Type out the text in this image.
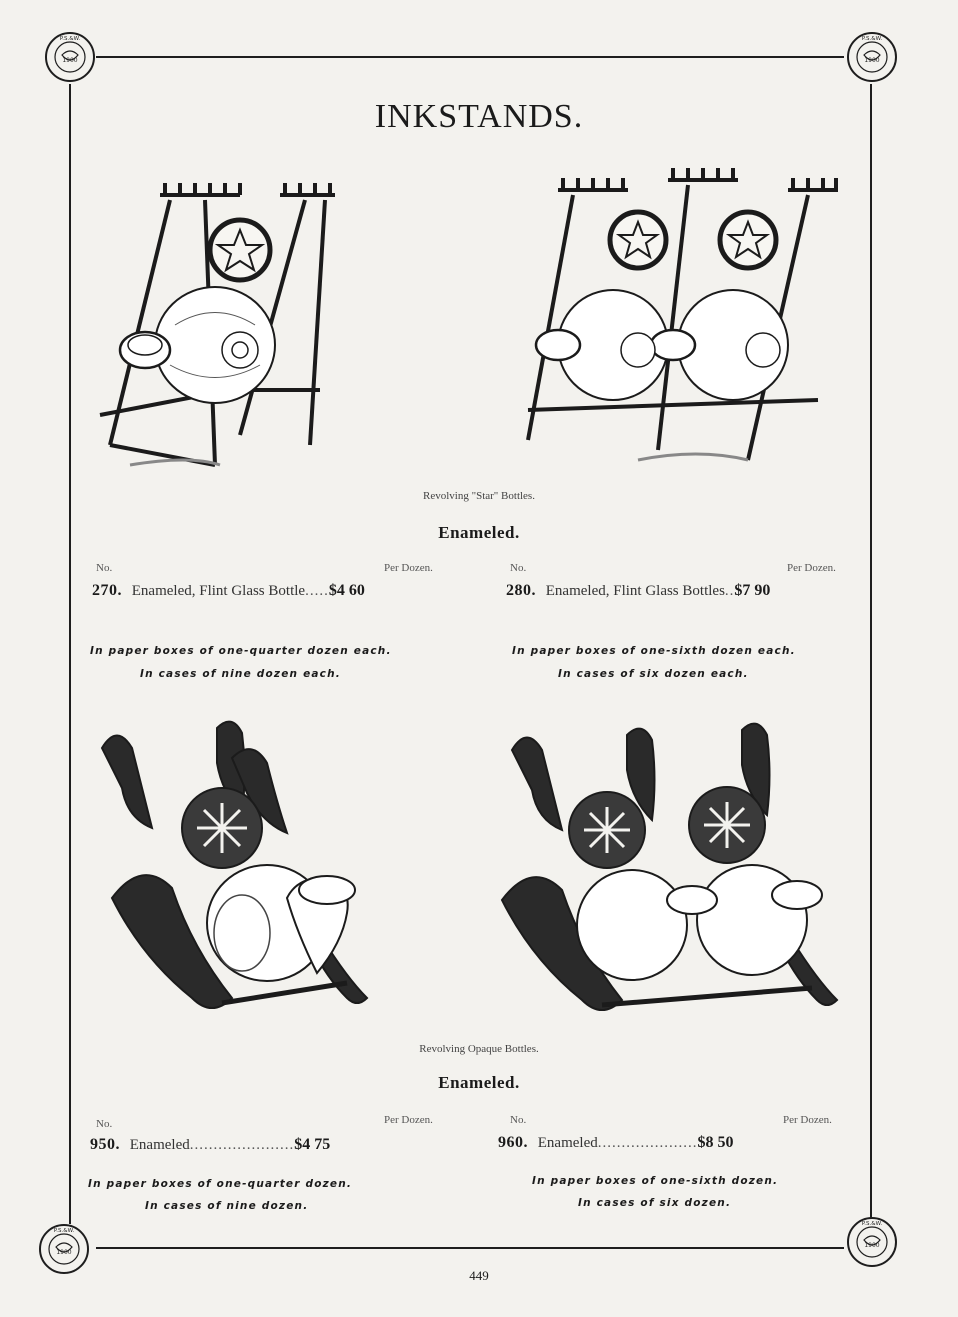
1900
P.S.&W.
1900
P.S.&W.
1900
P.S.&W.
1900
P.S.&W.
INKSTANDS.
Revolving "Star" Bottles.
Enameled.
No.	Per Dozen.
270. Enameled, Flint Glass Bottle.....$4 60
In paper boxes of one-quarter dozen each.
In cases of nine dozen each.
No.	Per Dozen.
280. Enameled, Flint Glass Bottles..$7 90
In paper boxes of one-sixth dozen each.
In cases of six dozen each.
Revolving Opaque Bottles.
Enameled.
No.	Per Dozen.
950. Enameled......................$4 75
In paper boxes of one-quarter dozen.
In cases of nine dozen.
No.	Per Dozen.
960. Enameled.....................$8 50
In paper boxes of one-sixth dozen.
In cases of six dozen.
449
